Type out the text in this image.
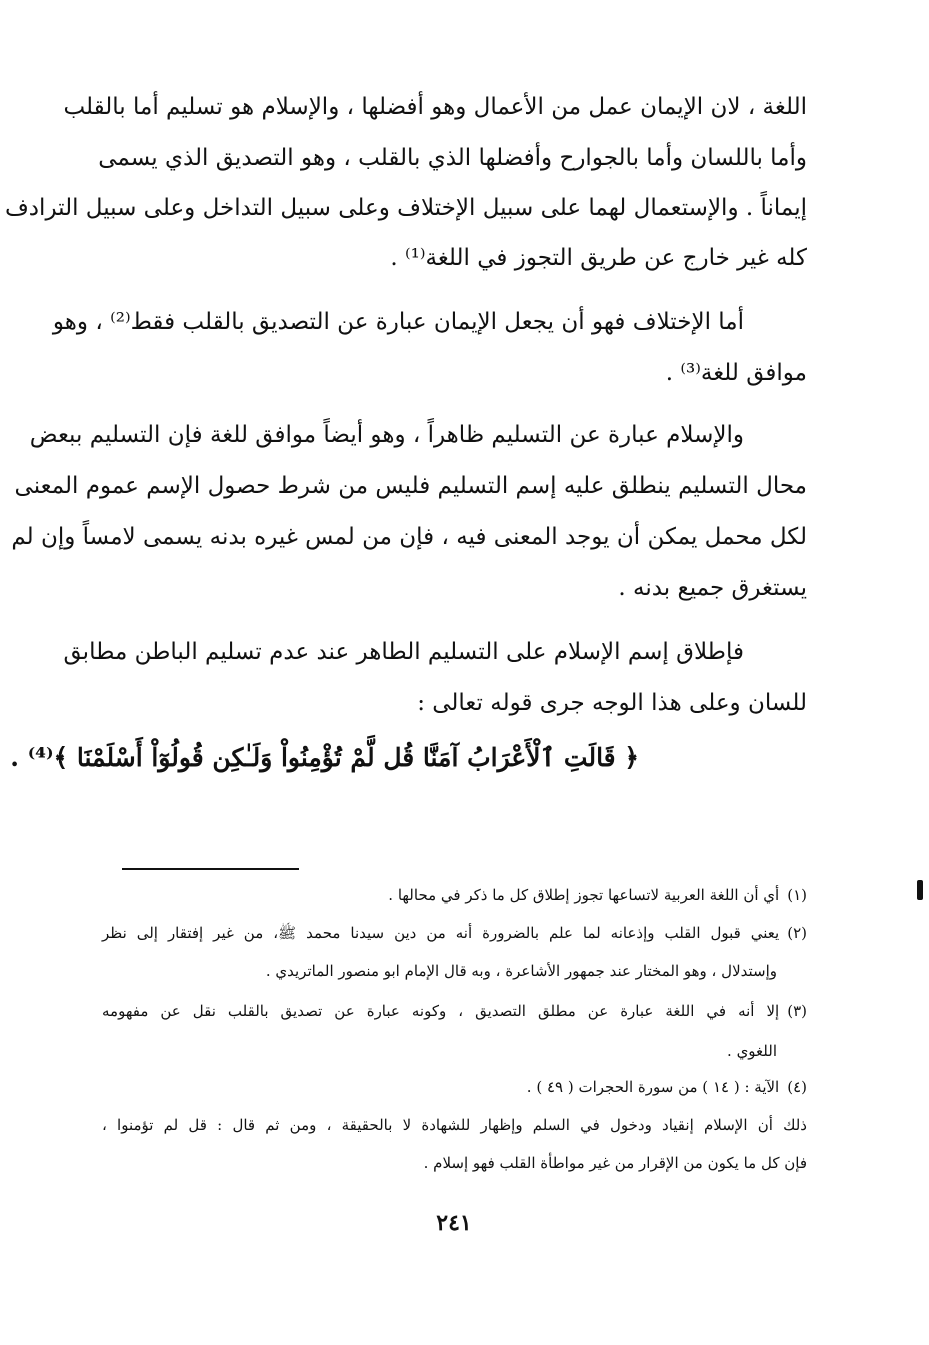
اللغة ، لان الإيمان عمل من الأعمال وهو أفضلها ، والإسلام هو تسليم أما بالقلب
وأما باللسان وأما بالجوارح وأفضلها الذي بالقلب ، وهو التصديق الذي يسمى
إيماناً . والإستعمال لهما على سبيل الإختلاف وعلى سبيل التداخل وعلى سبيل الترادف
كله غير خارج عن طريق التجوز في اللغة⁽¹⁾ .
أما الإختلاف فهو أن يجعل الإيمان عبارة عن التصديق بالقلب فقط⁽²⁾ ، وهو
موافق للغة⁽³⁾ .
والإسلام عبارة عن التسليم ظاهراً ، وهو أيضاً موافق للغة فإن التسليم ببعض
محال التسليم ينطلق عليه إسم التسليم فليس من شرط حصول الإسم عموم المعنى
لكل محمل يمكن أن يوجد المعنى فيه ، فإن من لمس غيره بدنه يسمى لامساً وإن لم
يستغرق جميع بدنه .
فإطلاق إسم الإسلام على التسليم الطاهر عند عدم تسليم الباطن مطابق
للسان وعلى هذا الوجه جرى قوله تعالى :
﴿ قَالَتِ ٱلْأَعْرَابُ آمَنَّا قُل لَّمْ تُؤْمِنُواْ وَلَـٰكِن قُولُوٓاْ أَسْلَمْنَا ﴾⁽⁴⁾ .
(١)أي أن اللغة العربية لاتساعها تجوز إطلاق كل ما ذكر في محالها .
(٢)يعني قبول القلب وإذعانه لما علم بالضرورة أنه من دين سيدنا محمد ﷺ، من غير إفتقار إلى نظر
وإستدلال ، وهو المختار عند جمهور الأشاعرة ، وبه قال الإمام ابو منصور الماتريدي .
(٣)إلا أنه في اللغة عبارة عن مطلق التصديق ، وكونه عبارة عن تصديق بالقلب نقل عن مفهومه
اللغوي .
(٤)الآية : ( ١٤ ) من سورة الحجرات ( ٤٩ ) .
ذلك أن الإسلام إنقياد ودخول في السلم وإظهار للشهادة لا بالحقيقة ، ومن ثم قال : قل لم تؤمنوا ،
فإن كل ما يكون من الإقرار من غير مواطأة القلب فهو إسلام .
٢٤١
